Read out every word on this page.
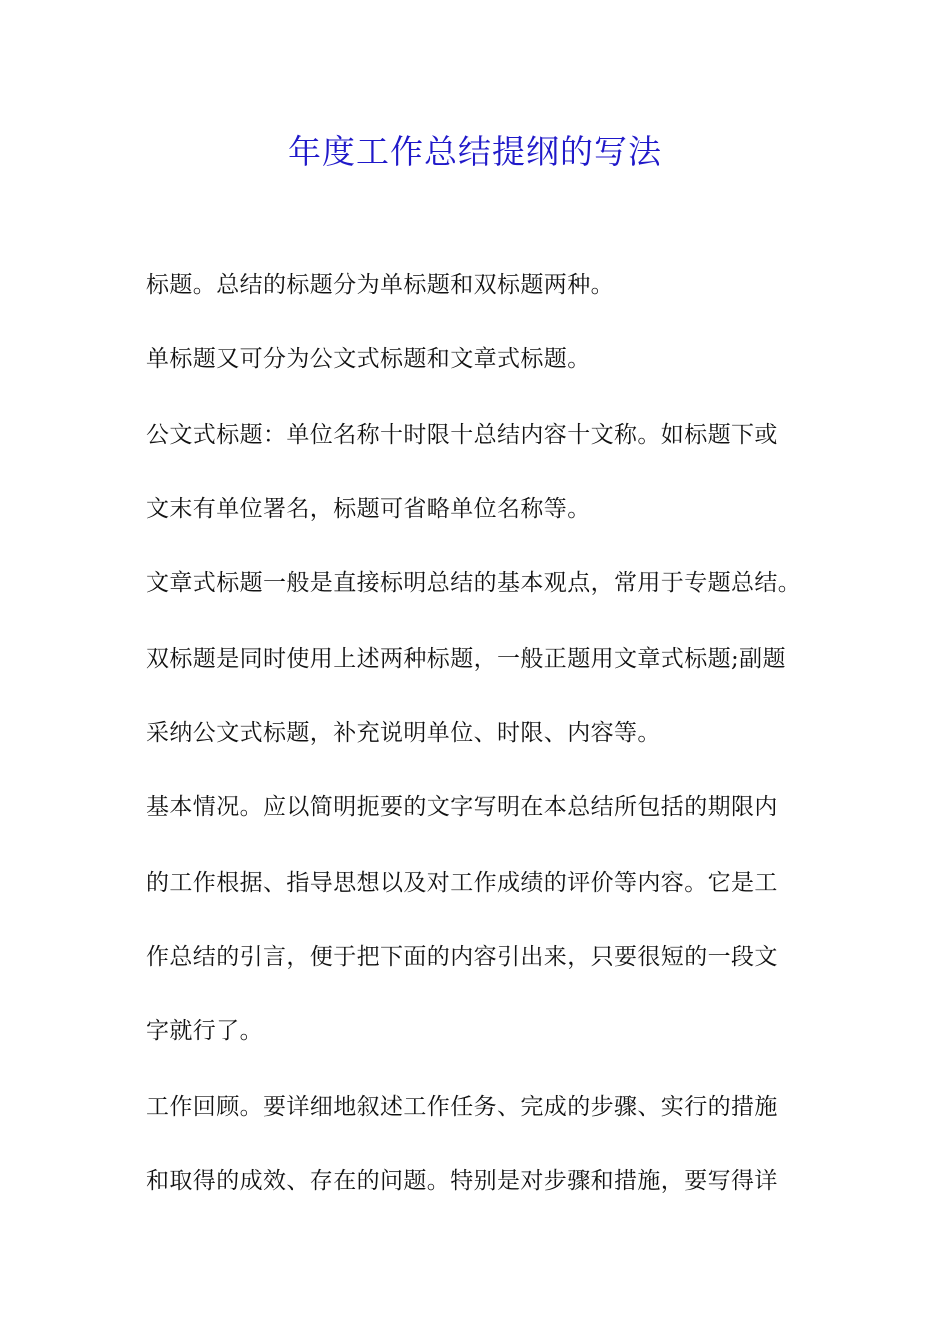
年度工作总结提纲的写法

标题。总结的标题分为单标题和双标题两种。

单标题又可分为公文式标题和文章式标题。

公文式标题：单位名称十时限十总结内容十文称。如标题下或

文末有单位署名，标题可省略单位名称等。

文章式标题一般是直接标明总结的基本观点，常用于专题总结。

双标题是同时使用上述两种标题，一般正题用文章式标题;副题

采纳公文式标题，补充说明单位、时限、内容等。

基本情况。应以简明扼要的文字写明在本总结所包括的期限内

的工作根据、指导思想以及对工作成绩的评价等内容。它是工

作总结的引言，便于把下面的内容引出来，只要很短的一段文

字就行了。

工作回顾。要详细地叙述工作任务、完成的步骤、实行的措施

和取得的成效、存在的问题。特别是对步骤和措施，要写得详
